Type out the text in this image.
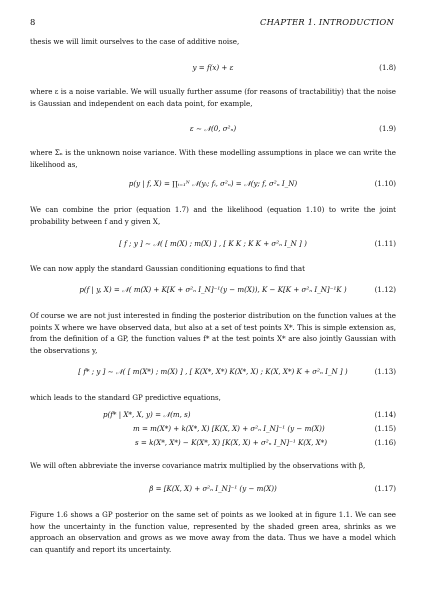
8	CHAPTER 1. INTRODUCTION
thesis we will limit ourselves to the case of additive noise,
y = f(x) + ε	(1.8)
where ε is a noise variable. We will usually further assume (for reasons of tractabilitiy) that the noise is Gaussian and independent on each data point, for example,
ε ∼ 𝒩(0, σ²ₙ)	(1.9)
where Σₙ is the unknown noise variance. With these modelling assumptions in place we can write the likelihood as,
p(y | f, X) = ∏ᵢ₌₁ᴺ 𝒩(yᵢ; fᵢ, σ²ₙ) = 𝒩(y; f, σ²ₙ I_N)	(1.10)
We can combine the prior (equation 1.7) and the likelihood (equation 1.10) to write the joint probability between f and y given X,
[ f ; y ] ∼ 𝒩( [ m(X) ; m(X) ] , [ K K ; K K + σ²ₙ I_N ] )	(1.11)
We can now apply the standard Gaussian conditioning equations to find that
p(f | y, X) = 𝒩( m(X) + K[K + σ²ₙ I_N]⁻¹(y − m(X)), K − K[K + σ²ₙ I_N]⁻¹K )	(1.12)
Of course we are not just interested in finding the posterior distribution on the function values at the points X where we have observed data, but also at a set of test points X*. This is simple extension as, from the definition of a GP, the function values f* at the test points X* are also jointly Gaussian with the observations y,
[ f* ; y ] ∼ 𝒩( [ m(X*) ; m(X) ] , [ K(X*, X*) K(X*, X) ; K(X, X*) K + σ²ₙ I_N ] )	(1.13)
which leads to the standard GP predictive equations,
p(f* | X*, X, y) = 𝒩(m, s)	(1.14)
m = m(X*) + k(X*, X) [K(X, X) + σ²ₙ I_N]⁻¹ (y − m(X))	(1.15)
s = k(X*, X*) − K(X*, X) [K(X, X) + σ²ₙ I_N]⁻¹ K(X, X*)	(1.16)
We will often abbreviate the inverse covariance matrix multiplied by the observations with β,
β = [K(X, X) + σ²ₙ I_N]⁻¹ (y − m(X))	(1.17)
Figure 1.6 shows a GP posterior on the same set of points as we looked at in figure 1.1. We can see how the uncertainty in the function value, represented by the shaded green area, shrinks as we approach an observation and grows as we move away from the data. Thus we have a model which can quantify and report its uncertainty.
